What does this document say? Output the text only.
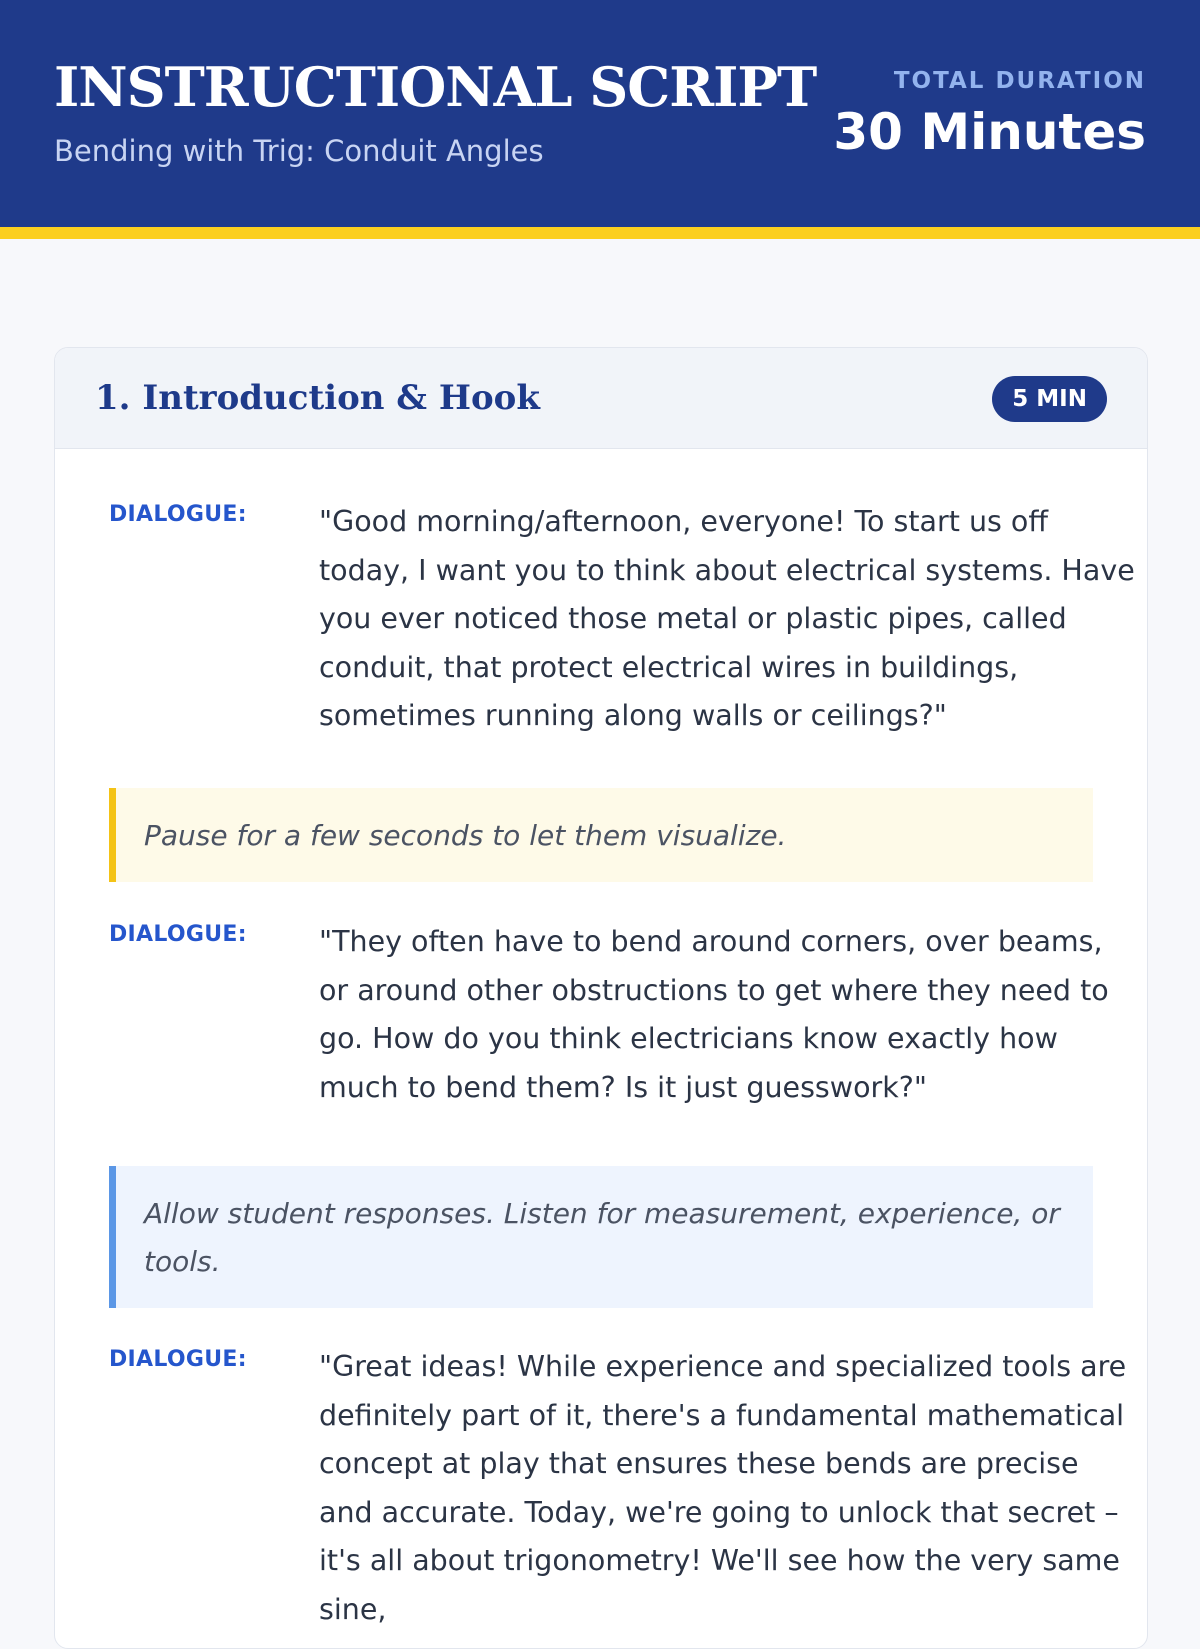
INSTRUCTIONAL SCRIPT
Bending with Trig: Conduit Angles
TOTAL DURATION
30 Minutes
1. Introduction & Hook	5 MIN
DIALOGUE:	"Good morning/afternoon, everyone! To start us off today, I want you to think about electrical systems. Have you ever noticed those metal or plastic pipes, called conduit, that protect electrical wires in buildings, sometimes running along walls or ceilings?"
Pause for a few seconds to let them visualize.
DIALOGUE:	"They often have to bend around corners, over beams, or around other obstructions to get where they need to go. How do you think electricians know exactly how much to bend them? Is it just guesswork?"
Allow student responses. Listen for measurement, experience, or tools.
DIALOGUE:	"Great ideas! While experience and specialized tools are definitely part of it, there's a fundamental mathematical concept at play that ensures these bends are precise and accurate. Today, we're going to unlock that secret – it's all about trigonometry! We'll see how the very same sine,
